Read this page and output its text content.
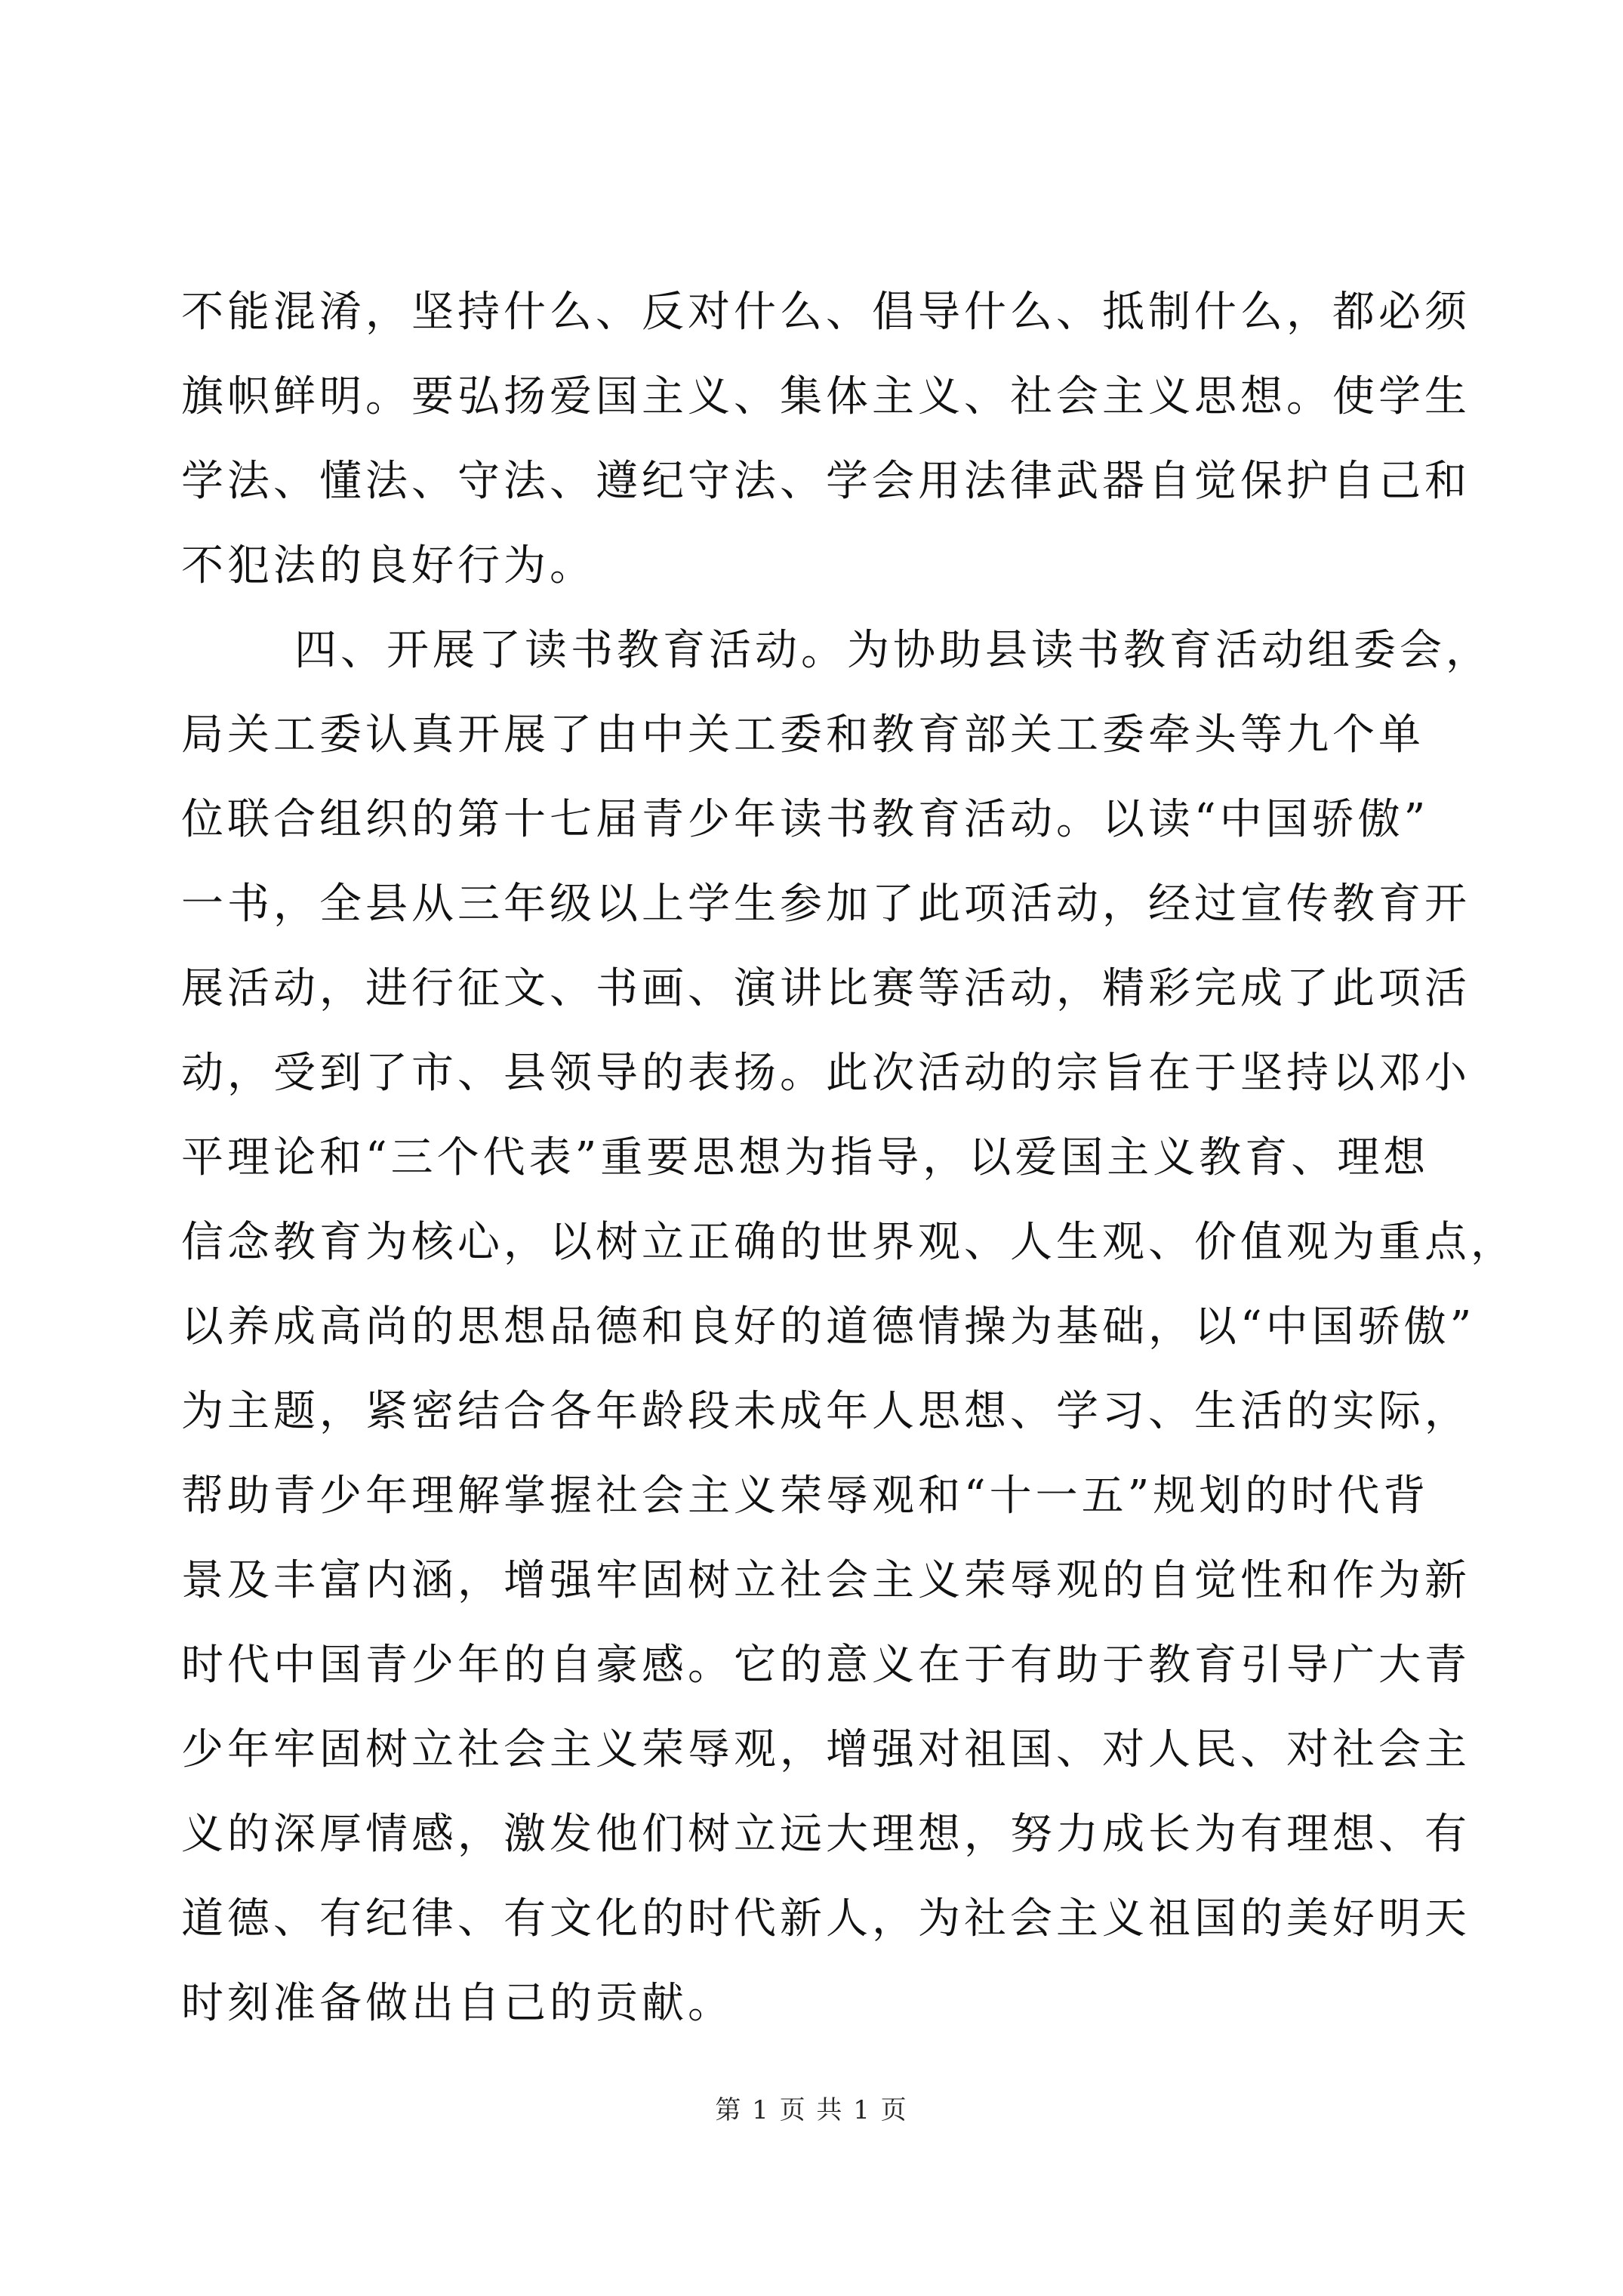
不能混淆，坚持什么、反对什么、倡导什么、抵制什么，都必须
旗帜鲜明。要弘扬爱国主义、集体主义、社会主义思想。使学生
学法、懂法、守法、遵纪守法、学会用法律武器自觉保护自己和
不犯法的良好行为。
四、开展了读书教育活动。为协助县读书教育活动组委会，
局关工委认真开展了由中关工委和教育部关工委牵头等九个单
位联合组织的第十七届青少年读书教育活动。以读“中国骄傲”
一书，全县从三年级以上学生参加了此项活动，经过宣传教育开
展活动，进行征文、书画、演讲比赛等活动，精彩完成了此项活
动，受到了市、县领导的表扬。此次活动的宗旨在于坚持以邓小
平理论和“三个代表”重要思想为指导，以爱国主义教育、理想
信念教育为核心，以树立正确的世界观、人生观、价值观为重点，
以养成高尚的思想品德和良好的道德情操为基础，以“中国骄傲”
为主题，紧密结合各年龄段未成年人思想、学习、生活的实际，
帮助青少年理解掌握社会主义荣辱观和“十一五”规划的时代背
景及丰富内涵，增强牢固树立社会主义荣辱观的自觉性和作为新
时代中国青少年的自豪感。它的意义在于有助于教育引导广大青
少年牢固树立社会主义荣辱观，增强对祖国、对人民、对社会主
义的深厚情感，激发他们树立远大理想，努力成长为有理想、有
道德、有纪律、有文化的时代新人，为社会主义祖国的美好明天
时刻准备做出自己的贡献。
第 1 页 共 1 页
